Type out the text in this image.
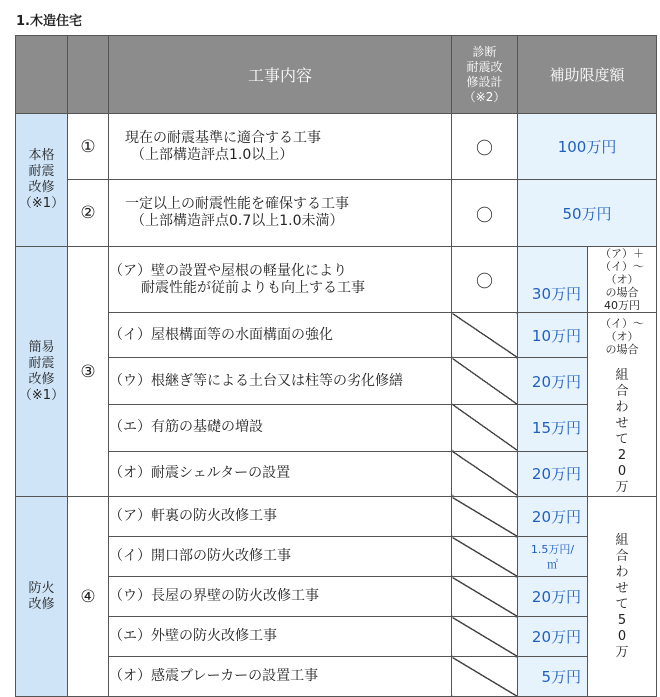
1.木造住宅
		工事内容	診断
耐震改
修設計
（※2）	補助限度額	

本格
耐震
改修
（※1）	①	現在の耐震基準に適合する工事
（上部構造評点1.0以上）	〇	100万円	
	②	一定以上の耐震性能を確保する工事
（上部構造評点0.7以上1.0未満）	〇	50万円	

簡易
耐震
改修
（※1）	③	（ア）壁の設置や屋根の軽量化により
耐震性能が従前よりも向上する工事	〇	30万円	（ア）＋
（イ）～（オ）
の場合
40万円

		（イ）屋根構面等の水面構面の強化		10万円	（イ）～（オ）
の場合
組合わせて20万

		（ウ）根継ぎ等による土台又は柱等の劣化修繕		20万円	

		（エ）有筋の基礎の増設		15万円	

		（オ）耐震シェルターの設置		20万円	

防火
改修	④	（ア）軒裏の防火改修工事		20万円	組合わせて50万

		（イ）開口部の防火改修工事		1.5万円/㎡	

		（ウ）長屋の界壁の防火改修工事		20万円	

		（エ）外壁の防火改修工事		20万円	

		（オ）感震ブレーカーの設置工事		5万円	
